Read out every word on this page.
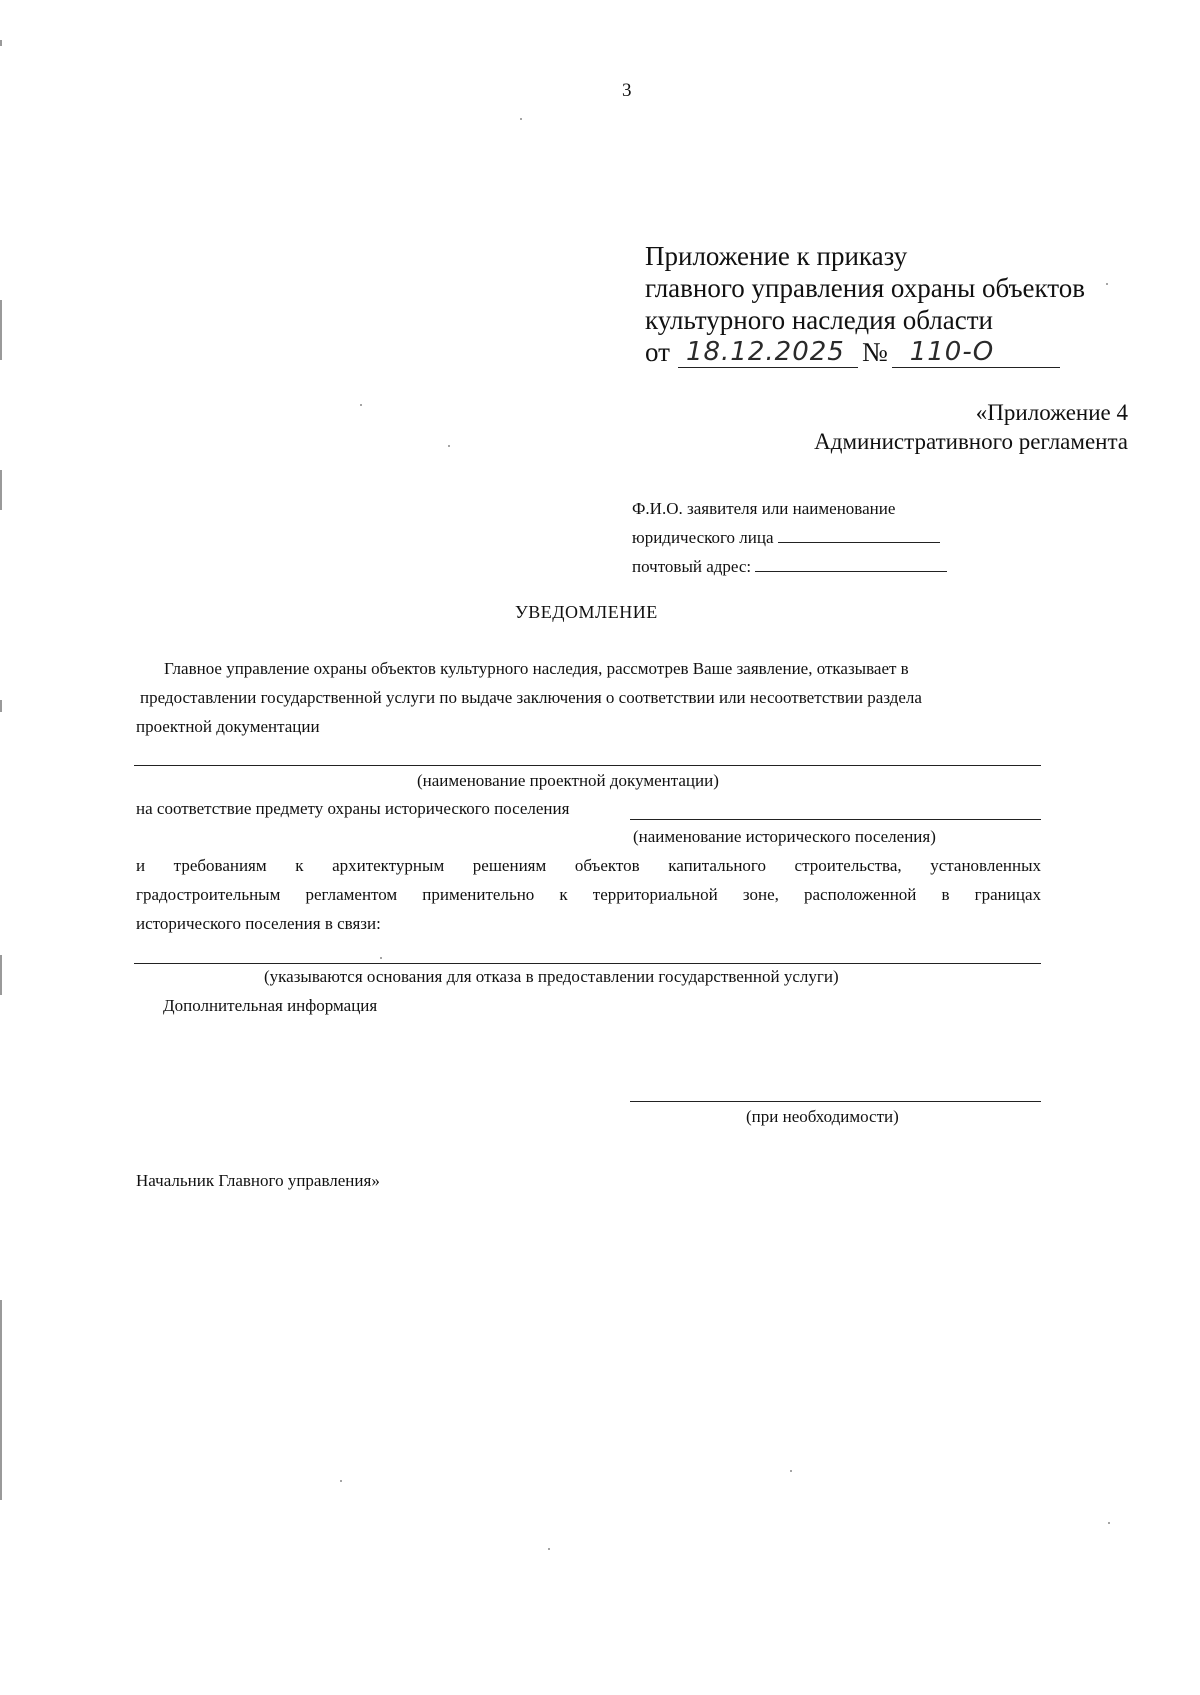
3
Приложение к приказу
главного управления охраны объектов
культурного наследия области
от 18.12.2025 № 110-О
«Приложение 4
Административного регламента
Ф.И.О. заявителя или наименование
юридического лица
почтовый адрес:
УВЕДОМЛЕНИЕ
Главное управление охраны объектов культурного наследия, рассмотрев Ваше заявление, отказывает в
предоставлении государственной услуги по выдаче заключения о соответствии или несоответствии раздела
проектной документации
(наименование проектной документации)
на соответствие предмету охраны исторического поселения
(наименование исторического поселения)
и требованиям к архитектурным решениям объектов капитального строительства, установленных
градостроительным регламентом применительно к территориальной зоне, расположенной в границах
исторического поселения в связи:
(указываются основания для отказа в предоставлении государственной услуги)
Дополнительная информация
(при необходимости)
Начальник Главного управления»
